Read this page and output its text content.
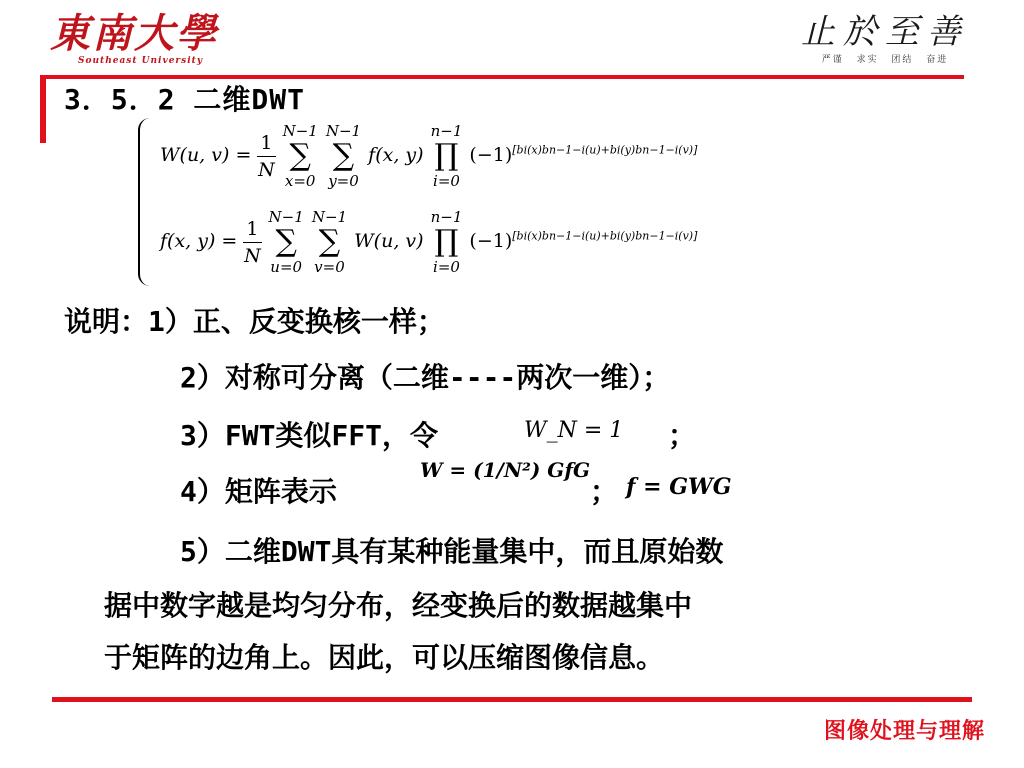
東南大學
Southeast University
止於至善
严谨 求实 团结 奋进
3．5．2 二维DWT
W(u, $v) = \frac{1}{N}$
N−1
∑
x=0

N−1
∑
y=0
f(x, y)
n−1
∏
i=0
(−1)[bi(x)bn−1−i(u)+bi(y)bn−1−i(v)]
f(x, $y) = \frac{1}{N}$
N−1
∑
u=0

N−1
∑
v=0
W(u, v)
n−1
∏
i=0
(−1)[bi(x)bn−1−i(u)+bi(y)bn−1−i(v)]
说明：1）正、反变换核一样；
2）对称可分离（二维----两次一维）；
3）FWT类似FFT，令	W_N = 1 ；
4）矩阵表示
W = (1/N²) GfG
； f = GWG
5）二维DWT具有某种能量集中，而且原始数
据中数字越是均匀分布，经变换后的数据越集中
于矩阵的边角上。因此，可以压缩图像信息。
图像处理与理解
